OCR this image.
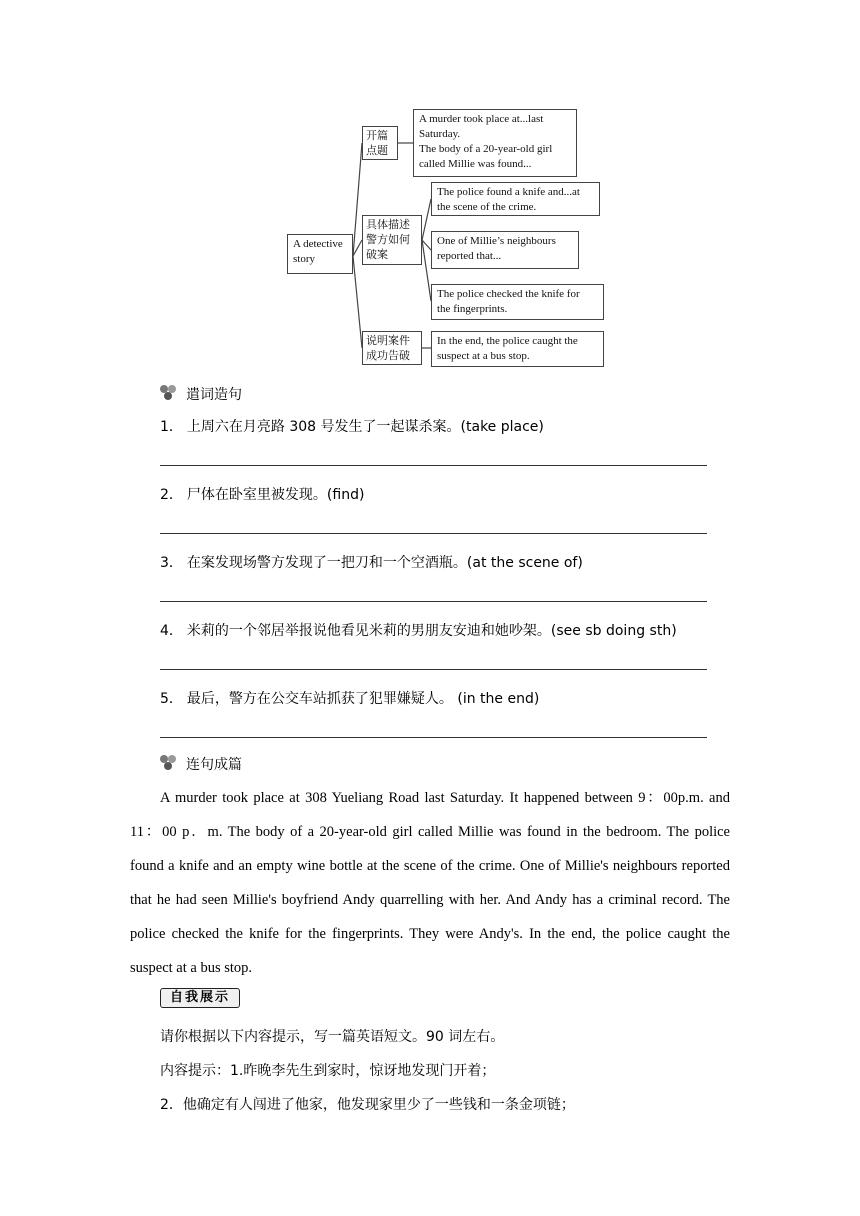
A detective
story
开篇
点题
具体描述
警方如何
破案
说明案件
成功告破
A murder took place at...last
Saturday.
The body of a 20-year-old girl
called Millie was found...
The police found a knife and...at
the scene of the crime.
One of Millie’s neighbours
reported that...
The police checked the knife for
the fingerprints.
In the end, the police caught the
suspect at a bus stop.
遣词造句
1． 上周六在月亮路 308 号发生了一起谋杀案。(take place)
2． 尸体在卧室里被发现。(find)
3． 在案发现场警方发现了一把刀和一个空酒瓶。(at the scene of)
4． 米莉的一个邻居举报说他看见米莉的男朋友安迪和她吵架。(see sb doing sth)
5． 最后，警方在公交车站抓获了犯罪嫌疑人。 (in the end)
连句成篇
A murder took place at 308 Yueliang Road last Saturday. It happened between 9：00p.m. and 11：00 p．m. The body of a 20-year-old girl called Millie was found in the bedroom. The police found a knife and an empty wine bottle at the scene of the crime. One of Millie's neighbours reported that he had seen Millie's boyfriend Andy quarrelling with her. And Andy has a criminal record. The police checked the knife for the fingerprints. They were Andy's. In the end, the police caught the suspect at a bus stop.
自我展示
请你根据以下内容提示，写一篇英语短文。90 词左右。
内容提示：1.昨晚李先生到家时，惊讶地发现门开着；
2．他确定有人闯进了他家，他发现家里少了一些钱和一条金项链；
